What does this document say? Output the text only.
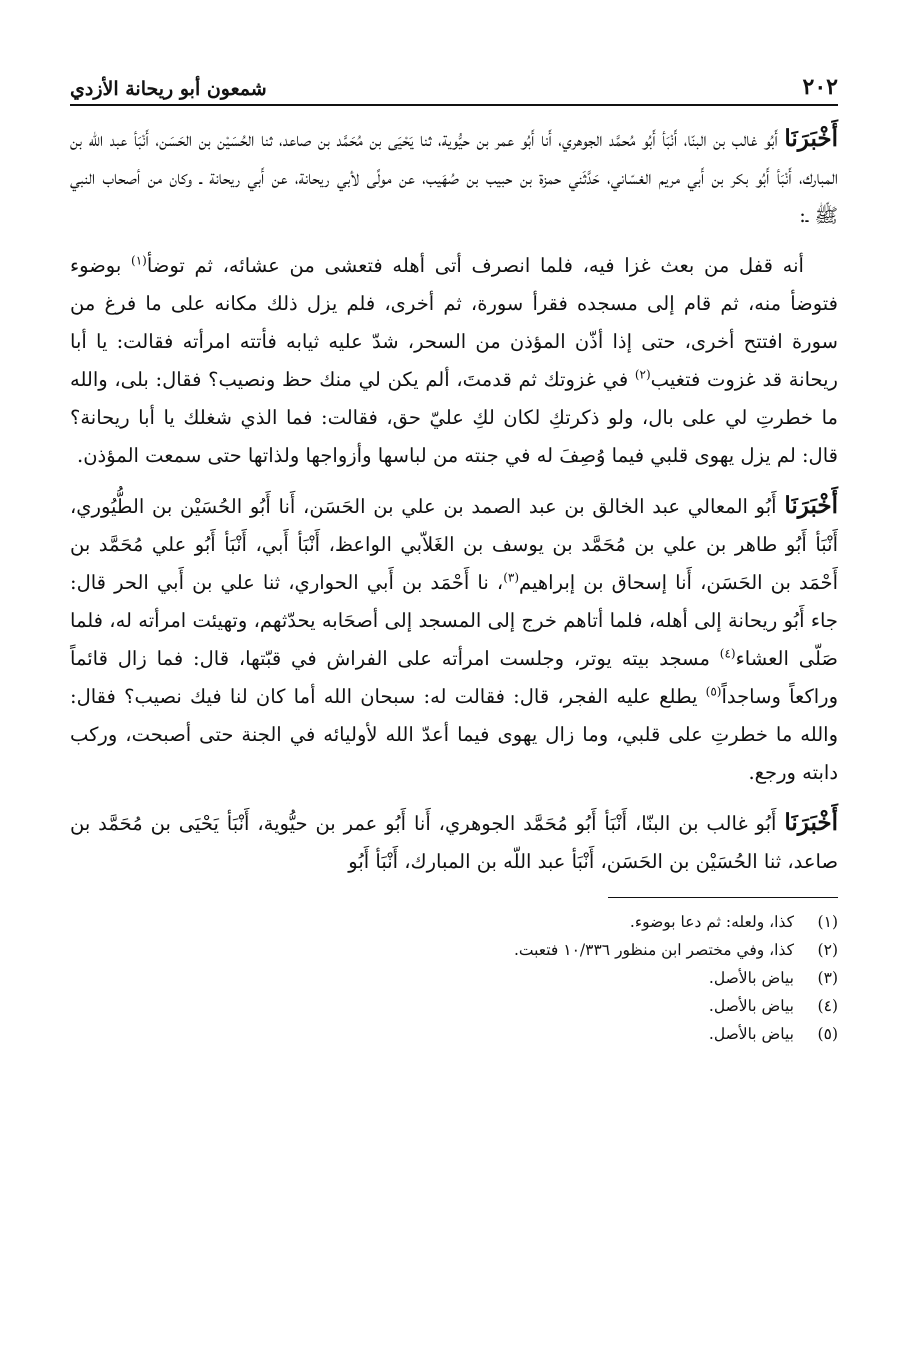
٢٠٢
شمعون أبو ريحانة الأزدي

أَخْبَرَنَا أَبُو غالب بن البنّا، أَنْبَأ أَبُو مُحمَّد الجوهري، أَنا أَبُو عمر بن حيُّوية، ثنا يَحْيَى بن مُحَمَّد بن صاعد، ثنا الحُسَيْن بن الحَسَن، أَنْبَأ عبد اللّه بن المبارك، أَنْبَأ أَبُو بكر بن أَبي مريم الغسّاني، حَدَّثَني حمزة بن حبيب بن صُهَيب، عن مولًى لأبي ريحانة، عن أَبي ريحانة ـ وكان من أصحاب النبي ﷺ ـ:

أنه قفل من بعث غزا فيه، فلما انصرف أتى أهله فتعشى من عشائه، ثم توضأ$^{(١)}$ بوضوء فتوضأ منه، ثم قام إلى مسجده فقرأ سورة، ثم أخرى، فلم يزل ذلك مكانه على ما فرغ من سورة افتتح أخرى، حتى إذا أذّن المؤذن من السحر، شدّ عليه ثيابه فأتته امرأته فقالت: يا أبا ريحانة قد غزوت فتغيب$^{(٢)}$ في غزوتك ثم قدمتَ، ألم يكن لي منك حظ ونصيب؟ فقال: بلى، والله ما خطرتِ لي على بال، ولو ذكرتكِ لكان لكِ عليّ حق، فقالت: فما الذي شغلك يا أبا ريحانة؟ قال: لم يزل يهوى قلبي فيما وُصِفَ له في جنته من لباسها وأزواجها ولذاتها حتى سمعت المؤذن.

أَخْبَرَنَا أَبُو المعالي عبد الخالق بن عبد الصمد بن علي بن الحَسَن، أَنا أَبُو الحُسَيْن بن الطُّيُوري، أَنْبَأ أَبُو طاهر بن علي بن مُحَمَّد بن يوسف بن الغَلاّبي الواعظ، أَنْبَأ أَبي، أَنْبَأ أَبُو علي مُحَمَّد بن أَحْمَد بن الحَسَن، أَنا إسحاق بن إبراهيم$^{(٣)}$، نا أَحْمَد بن أَبي الحواري، ثنا علي بن أَبي الحر قال: جاء أَبُو ريحانة إلى أهله، فلما أتاهم خرج إلى المسجد إلى أصحَابه يحدّثهم، وتهيئت امرأته له، فلما صَلّى العشاء$^{(٤)}$ مسجد بيته يوتر، وجلست امرأته على الفراش في قبّتها، قال: فما زال قائماً وراكعاً وساجداً$^{(٥)}$ يطلع عليه الفجر، قال: فقالت له: سبحان الله أما كان لنا فيك نصيب؟ فقال: والله ما خطرتِ على قلبي، وما زال يهوى فيما أعدّ الله لأوليائه في الجنة حتى أصبحت، وركب دابته ورجع.

أَخْبَرَنَا أَبُو غالب بن البنّا، أَنْبَأ أَبُو مُحَمَّد الجوهري، أَنا أَبُو عمر بن حيُّوية، أَنْبَأ يَحْيَى بن مُحَمَّد بن صاعد، ثنا الحُسَيْن بن الحَسَن، أَنْبَأ عبد اللّه بن المبارك، أَنْبَأ أَبُو

(١)
كذا، ولعله: ثم دعا بوضوء.
(٢)
كذا، وفي مختصر ابن منظور ١٠/٣٣٦ فتعبت.
(٣)
بياض بالأصل.
(٤)
بياض بالأصل.
(٥)
بياض بالأصل.
